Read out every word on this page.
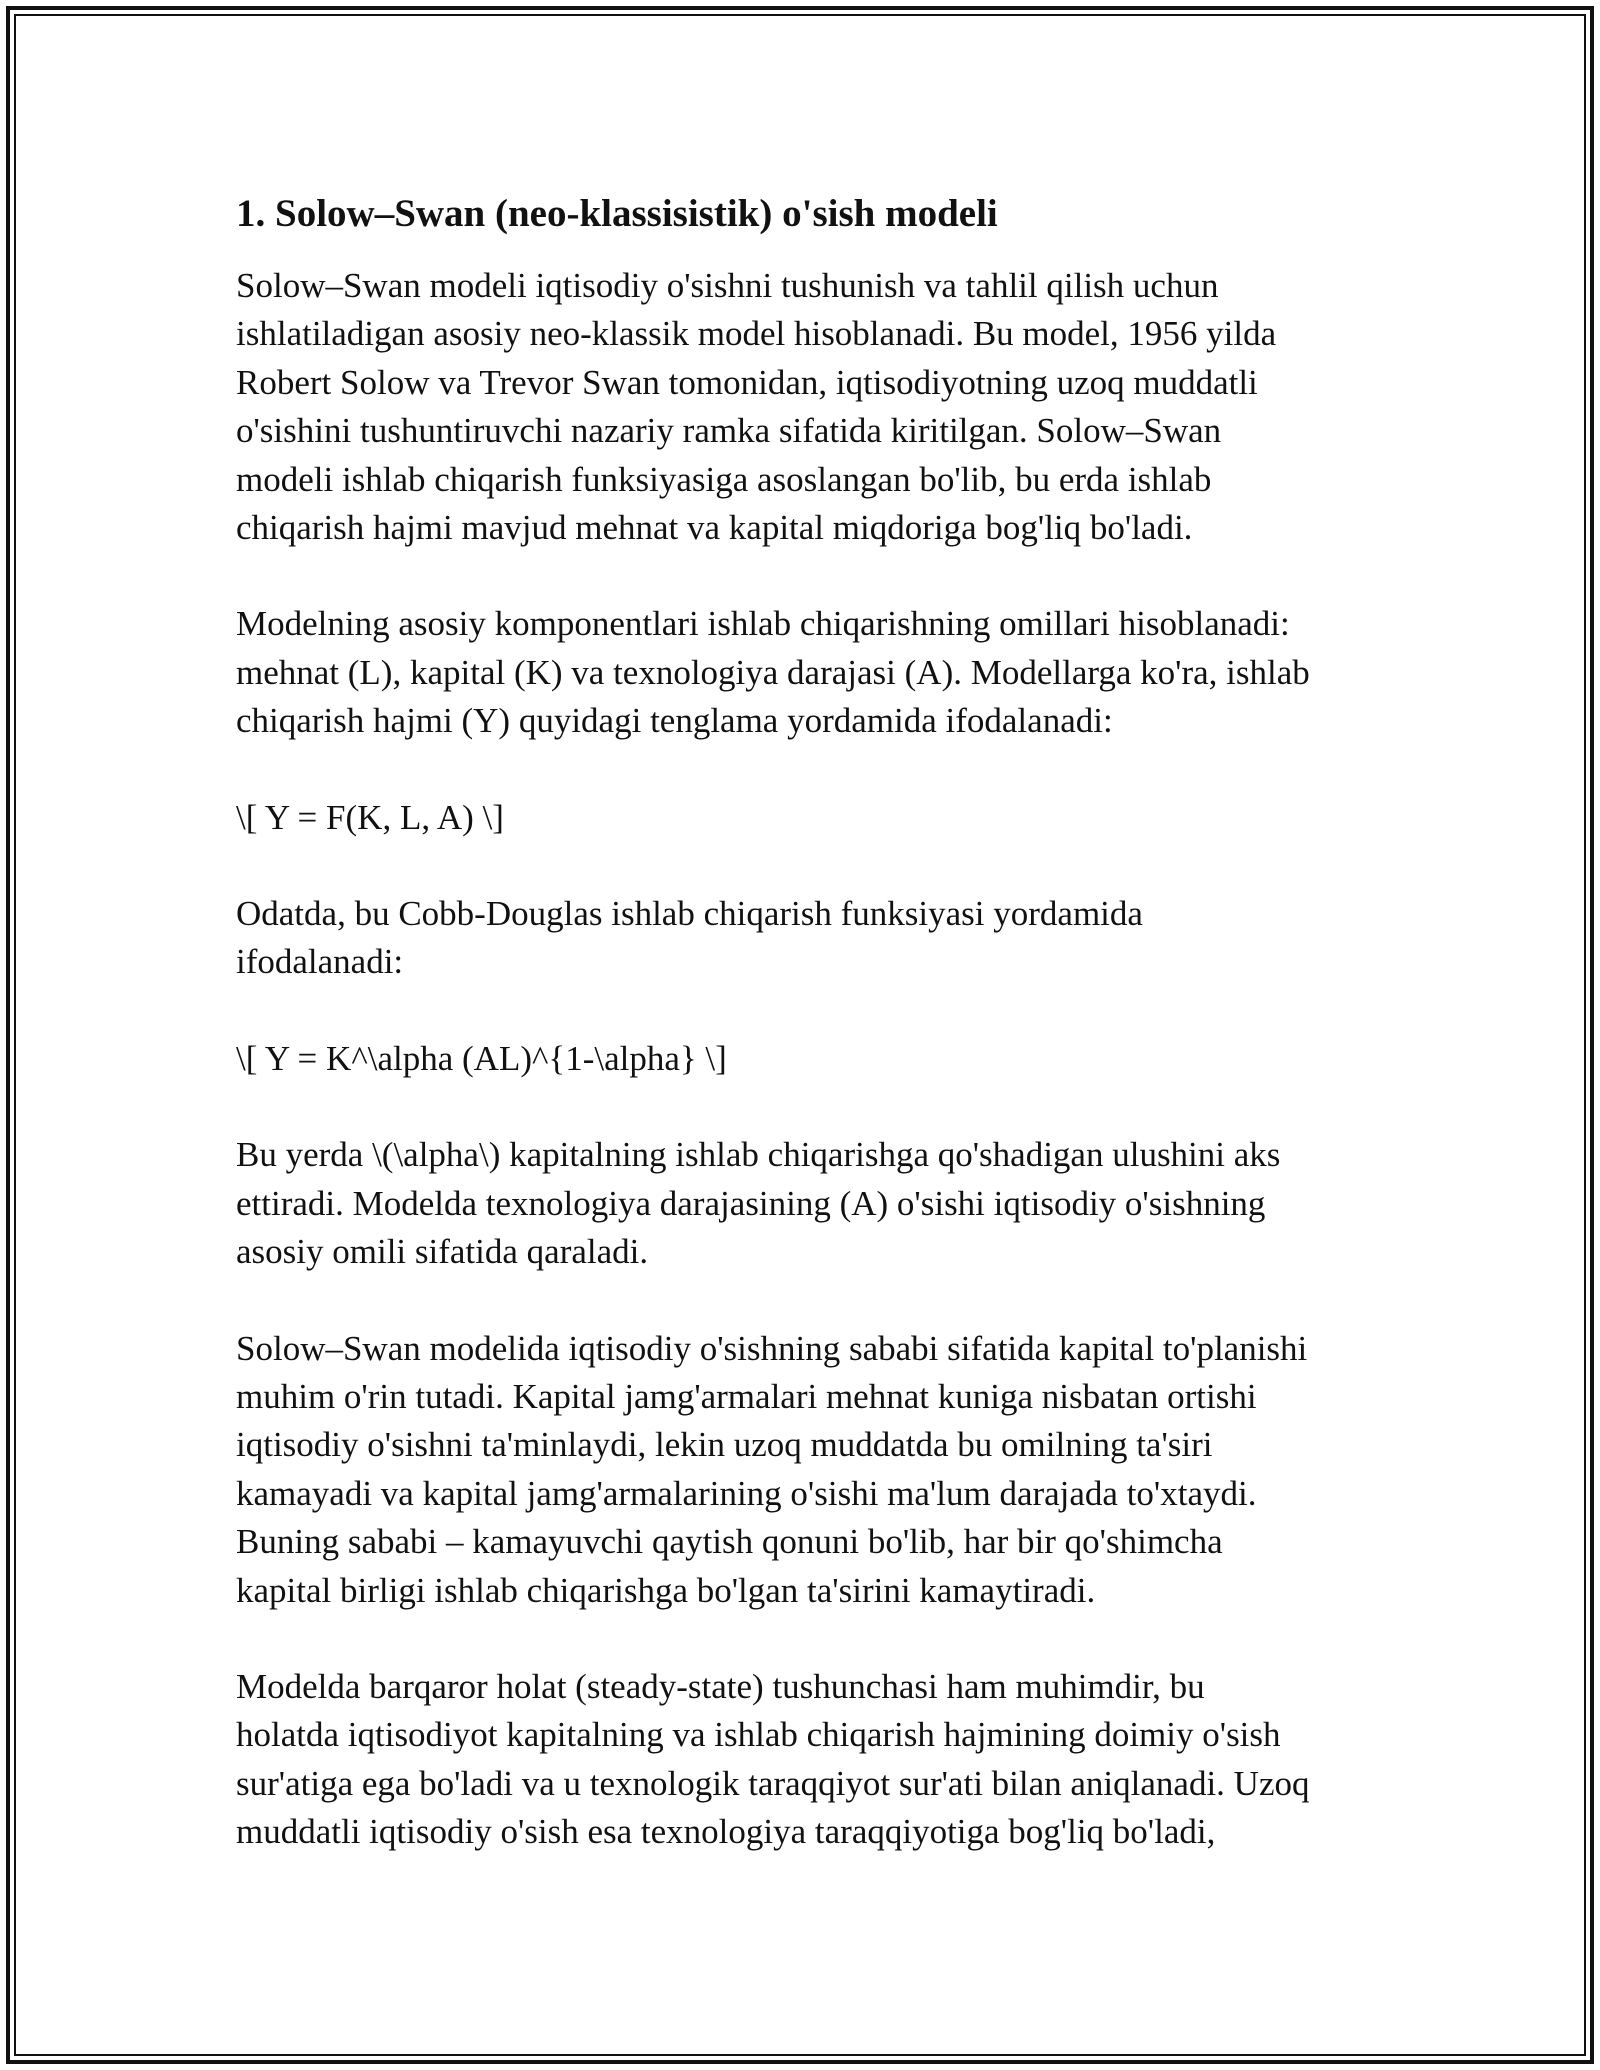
1. Solow–Swan (neo-klassisistik) o'sish modeli

Solow–Swan modeli iqtisodiy o'sishni tushunish va tahlil qilish uchun
ishlatiladigan asosiy neo-klassik model hisoblanadi. Bu model, 1956 yilda
Robert Solow va Trevor Swan tomonidan, iqtisodiyotning uzoq muddatli
o'sishini tushuntiruvchi nazariy ramka sifatida kiritilgan. Solow–Swan
modeli ishlab chiqarish funksiyasiga asoslangan bo'lib, bu erda ishlab
chiqarish hajmi mavjud mehnat va kapital miqdoriga bog'liq bo'ladi.

Modelning asosiy komponentlari ishlab chiqarishning omillari hisoblanadi:
mehnat (L), kapital (K) va texnologiya darajasi (A). Modellarga ko'ra, ishlab
chiqarish hajmi (Y) quyidagi tenglama yordamida ifodalanadi:

\[ Y = F(K, L, A) \]

Odatda, bu Cobb-Douglas ishlab chiqarish funksiyasi yordamida
ifodalanadi:

\[ Y = K^\alpha (AL)^{1-\alpha} \]

Bu yerda \(\alpha\) kapitalning ishlab chiqarishga qo'shadigan ulushini aks
ettiradi. Modelda texnologiya darajasining (A) o'sishi iqtisodiy o'sishning
asosiy omili sifatida qaraladi.

Solow–Swan modelida iqtisodiy o'sishning sababi sifatida kapital to'planishi
muhim o'rin tutadi. Kapital jamg'armalari mehnat kuniga nisbatan ortishi
iqtisodiy o'sishni ta'minlaydi, lekin uzoq muddatda bu omilning ta'siri
kamayadi va kapital jamg'armalarining o'sishi ma'lum darajada to'xtaydi.
Buning sababi – kamayuvchi qaytish qonuni bo'lib, har bir qo'shimcha
kapital birligi ishlab chiqarishga bo'lgan ta'sirini kamaytiradi.

Modelda barqaror holat (steady-state) tushunchasi ham muhimdir, bu
holatda iqtisodiyot kapitalning va ishlab chiqarish hajmining doimiy o'sish
sur'atiga ega bo'ladi va u texnologik taraqqiyot sur'ati bilan aniqlanadi. Uzoq
muddatli iqtisodiy o'sish esa texnologiya taraqqiyotiga bog'liq bo'ladi,
